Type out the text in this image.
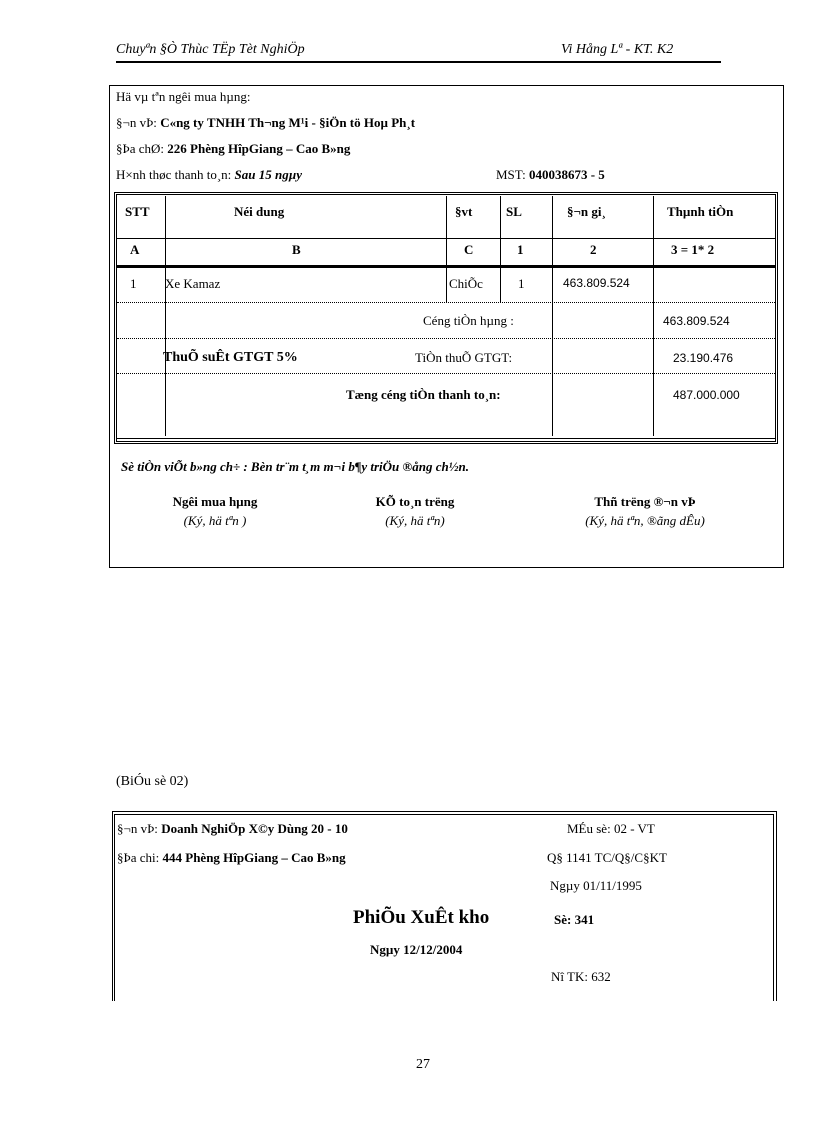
Chuyªn §Ò Thùc TËp Tèt NghiÖp	Vi Hång Lª - KT. K2
Hä vµ tªn ngêi mua hµng:
§¬n vÞ: C«ng ty TNHH Th¬ng M¹i - §iÖn tö Hoµ Ph¸t
§Þa chØ: 226 Phèng HîpGiang – Cao B»ng
H×nh thøc thanh to¸n: Sau 15 ngµy	MST: 040038673 - 5
STT	Néi dung	§vt	SL	§¬n gi¸	Thµnh tiÒn
A	B	C	1	2	3 = 1* 2
1 Xe Kamaz	ChiÕc	1	463.809.524
Céng tiÒn hµng :	463.809.524
ThuÕ suÊt GTGT 5%	TiÒn thuÕ GTGT:	23.190.476
Tæng céng tiÒn thanh to¸n:	487.000.000
Sè tiÒn viÕt b»ng ch÷ : Bèn tr¨m t¸m m¬i b¶y triÖu ®ång ch½n.
Ngêi mua hµng
(Ký, hä tªn )
KÕ to¸n trëng
(Ký, hä tªn)
Thñ trëng ®¬n vÞ
(Ký, hä tªn, ®ãng dÊu)
(BiÓu sè 02)
§¬n vÞ: Doanh NghiÖp X©y Dùng 20 - 10
§Þa chi: 444 Phèng HîpGiang – Cao B»ng
MÉu sè: 02 - VT
Q§ 1141 TC/Q§/C§KT
Ngµy 01/11/1995
PhiÕu XuÊt kho	Sè: 341
Ngµy 12/12/2004
Nî TK: 632
27
